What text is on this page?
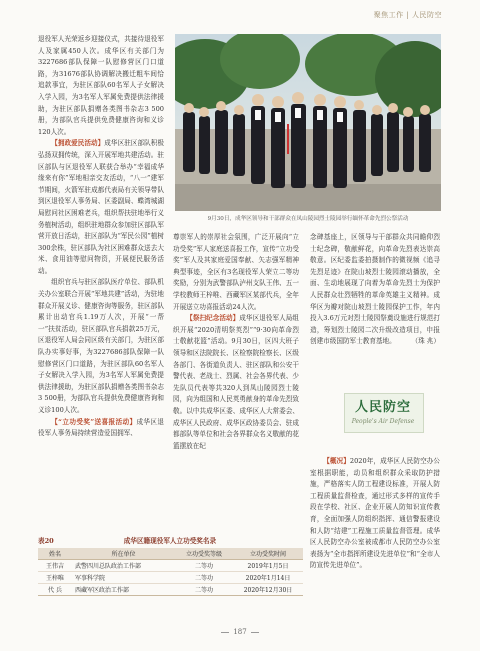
聚焦工作 | 人民防空

退役军人光荣返乡迎接仪式，共接待退役军人及家属450人次。成华区有关部门为3227686部队保障一队慰修营区门口道路，为31676部队协调解决搬迁粗车间恰追款事宜，为驻区部队60名军人子女解决入学入园，为3名军人军属免费提供法律援助，为驻区部队捐赠各类图书杂志3 500册，为部队官兵提供免费健康咨询和义诊120人次。

【拥政爱民活动】成华区驻区部队积极弘扬双拥传统，深入开展军地共建活动。驻区部队与区退役军人联获合举办“幸福成华缘来有你”军地相亲交友活动，“八一”建军节期间，火箭军驻成都代表局有关领导带队到区退役军人事务局、区委副局、蝶湾城湖局慰问社区困难老兵，组织帮扶驻地举行义务植树活动，组织驻地群众参加驻区部队军营开放日活动，驻区部队为“军民公园”植树300余株，驻区部队为社区困难群众送去大米、食用油等慰问物资，开展便民服务活动。

组织官兵与驻区部队医疗单位、部队机关办公室联合开展“军地共建”活动，为驻地群众开展义诊、健康咨询等服务，驻区部队累计出动官兵1.19万人次，开展“一帮一”扶贫活动，驻区部队官兵捐款25万元，区退役军人局会同区级有关部门，为驻区部队办实事好事，为3227686部队保障一队慰修营区门口道路，为驻区部队60名军人子女解决入学入园，为3名军人军属免费提供法律援助，为驻区部队捐赠各类图书杂志3 500册，为部队官兵提供免费健康咨询和义诊100人次。

【“立功受奖”送喜报活动】成华区退役军人事务局持续营造爱国拥军、

9月30日，成华区领导和干部群众在凤山陵园烈士陵园举行缅怀革命先烈公祭活动

尊崇军人的崇厚社会氛围，广泛开展向“立功受奖”军人家庭送喜报工作，宣传“立功受奖”军人及其家庭爱国奉献、矢志强军精神典型事迹，全区有3名现役军人荣立二等功奖励，分别为武警部队泸州支队王伟、五一学校教师王梓唯、西藏军区某部代兵，全年开展送立功喜报活动24人次。

【祭扫纪念活动】成华区退役军人局组织开展“2020清明祭英烈”“9·30向革命烈士敬献花篮”活动。9月30日，区四大班子领导和区法院院长、区检察院检察长、区级各部门、各街道负责人、驻区部队和公安干警代表、老战士、烈属、社会各界代表、少先队员代表等共320人到凤山陵园烈士陵园，向为组国和人民英勇献身的革命先烈致敬。以中共成华区委、成华区人大常委会、成华区人民政府、成华区政协委员会、驻成都部队等单位和社会各界群众名义敬献的花篮摆放在纪

念碑基座上，区领导与干部群众共同瞻仰烈士纪念碑，敬献鲜花，向革命先烈表达崇高敬意。区纪委监委拍摄制作的微视频《追寻先烈足迹》在院山坡烈士陵园滚动播放，全面、生动地展现了向着为革命先烈士为保护人民群众壮烈牺牲的革命英雄主义精神。成华区为瓣对院山坡烈士陵园保护工作，年内投入3.6万元对烈士陵园祭奠设施进行规范打造，筹划烈士陵园二次升级改造项目，申报创建市级国防军士教育基地。 （珠 兆）

人民防空
People's Air Defense

【概况】2020年，成华区人民防空办公室根据职能，动员和组织群众采取防护措施，严格落实人防工程建设标准，开展人防工程质量监督检查，通过形式多样的宣传手段在学校、社区、企业开展人防知识宣传教育，全面加强人防组织指挥、通信警报建设和人防“结建”工程施工质量监督管理。成华区人民防空办公室被成都市人民防空办公室表扬为“全市指挥所建设先进单位”和“全市人防宣传先进单位”。

表20	成华区籍现役军人立功受奖名录
姓名	所在单位	立功受奖等级	立功受奖时间
王伟吉	武警四川总队政治工作部	二等功	2019年1月5日
王梓唯	军事科学院	二等功	2020年1月14日
代 兵	西藏军区政治工作部	二等功	2020年12月30日
187
